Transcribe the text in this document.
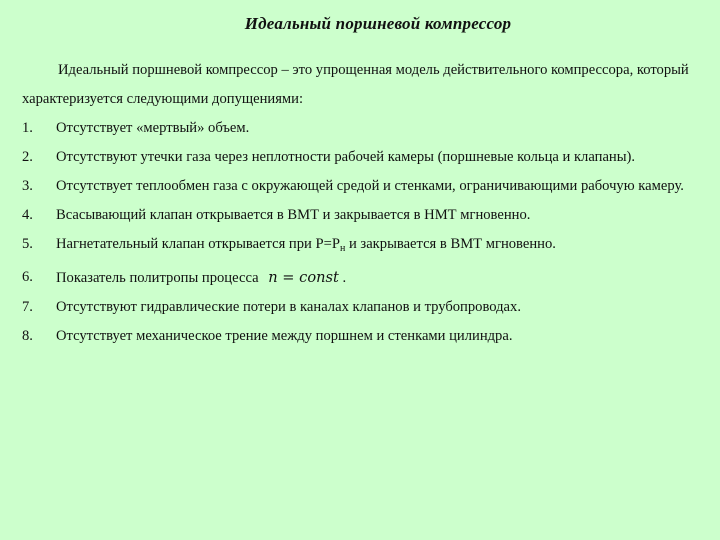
Идеальный поршневой компрессор

Идеальный поршневой компрессор – это упрощенная модель действительного компрессора, который характеризуется следующими допущениями:

1. Отсутствует «мертвый» объем.
2. Отсутствуют утечки газа через неплотности рабочей камеры (поршневые кольца и клапаны).
3. Отсутствует теплообмен газа с окружающей средой и стенками, ограничивающими рабочую камеру.
4. Всасывающий клапан открывается в ВМТ и закрывается в НМТ мгновенно.
5. Нагнетательный клапан открывается при $P=P_н$ и закрывается в ВМТ мгновенно.
6. Показатель политропы процесса n = const .
7. Отсутствуют гидравлические потери в каналах клапанов и трубопроводах.
8. Отсутствует механическое трение между поршнем и стенками цилиндра.
